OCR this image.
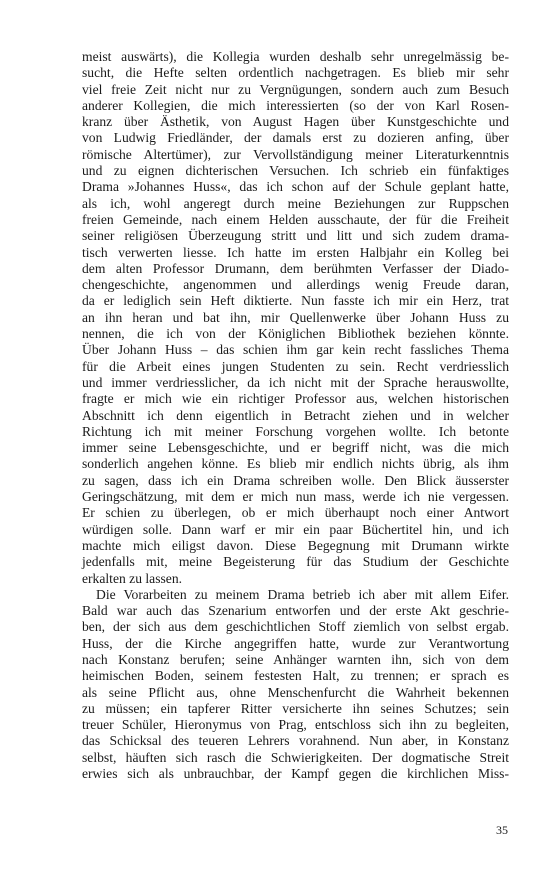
meist auswärts), die Kollegia wurden deshalb sehr unregelmässig be-
sucht, die Hefte selten ordentlich nachgetragen. Es blieb mir sehr
viel freie Zeit nicht nur zu Vergnügungen, sondern auch zum Besuch
anderer Kollegien, die mich interessierten (so der von Karl Rosen-
kranz über Ästhetik, von August Hagen über Kunstgeschichte und
von Ludwig Friedländer, der damals erst zu dozieren anfing, über
römische Altertümer), zur Vervollständigung meiner Literaturkenntnis
und zu eignen dichterischen Versuchen. Ich schrieb ein fünfaktiges
Drama »Johannes Huss«, das ich schon auf der Schule geplant hatte,
als ich, wohl angeregt durch meine Beziehungen zur Ruppschen
freien Gemeinde, nach einem Helden ausschaute, der für die Freiheit
seiner religiösen Überzeugung stritt und litt und sich zudem drama-
tisch verwerten liesse. Ich hatte im ersten Halbjahr ein Kolleg bei
dem alten Professor Drumann, dem berühmten Verfasser der Diado-
chengeschichte, angenommen und allerdings wenig Freude daran,
da er lediglich sein Heft diktierte. Nun fasste ich mir ein Herz, trat
an ihn heran und bat ihn, mir Quellenwerke über Johann Huss zu
nennen, die ich von der Königlichen Bibliothek beziehen könnte.
Über Johann Huss – das schien ihm gar kein recht fassliches Thema
für die Arbeit eines jungen Studenten zu sein. Recht verdriesslich
und immer verdriesslicher, da ich nicht mit der Sprache herauswollte,
fragte er mich wie ein richtiger Professor aus, welchen historischen
Abschnitt ich denn eigentlich in Betracht ziehen und in welcher
Richtung ich mit meiner Forschung vorgehen wollte. Ich betonte
immer seine Lebensgeschichte, und er begriff nicht, was die mich
sonderlich angehen könne. Es blieb mir endlich nichts übrig, als ihm
zu sagen, dass ich ein Drama schreiben wolle. Den Blick äusserster
Geringschätzung, mit dem er mich nun mass, werde ich nie vergessen.
Er schien zu überlegen, ob er mich überhaupt noch einer Antwort
würdigen solle. Dann warf er mir ein paar Büchertitel hin, und ich
machte mich eiligst davon. Diese Begegnung mit Drumann wirkte
jedenfalls mit, meine Begeisterung für das Studium der Geschichte
erkalten zu lassen.
Die Vorarbeiten zu meinem Drama betrieb ich aber mit allem Eifer.
Bald war auch das Szenarium entworfen und der erste Akt geschrie-
ben, der sich aus dem geschichtlichen Stoff ziemlich von selbst ergab.
Huss, der die Kirche angegriffen hatte, wurde zur Verantwortung
nach Konstanz berufen; seine Anhänger warnten ihn, sich von dem
heimischen Boden, seinem festesten Halt, zu trennen; er sprach es
als seine Pflicht aus, ohne Menschenfurcht die Wahrheit bekennen
zu müssen; ein tapferer Ritter versicherte ihn seines Schutzes; sein
treuer Schüler, Hieronymus von Prag, entschloss sich ihn zu begleiten,
das Schicksal des teueren Lehrers vorahnend. Nun aber, in Konstanz
selbst, häuften sich rasch die Schwierigkeiten. Der dogmatische Streit
erwies sich als unbrauchbar, der Kampf gegen die kirchlichen Miss-
35
